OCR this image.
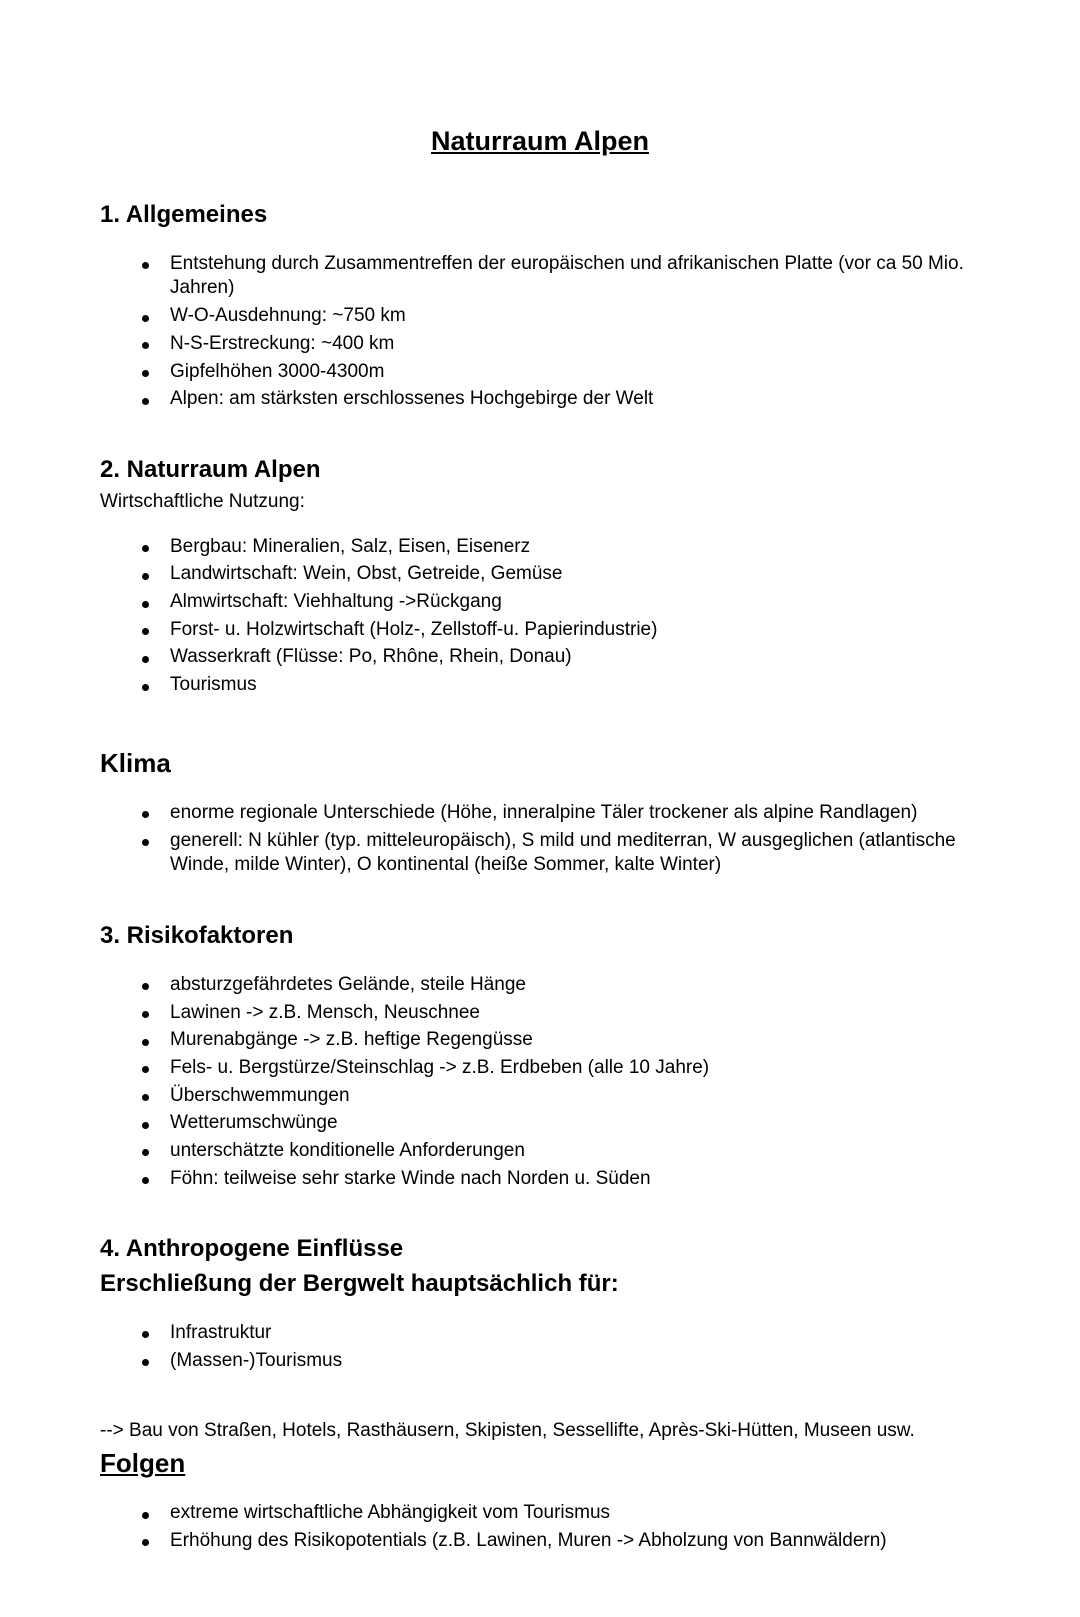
Naturraum Alpen
1. Allgemeines
Entstehung durch Zusammentreffen der europäischen und afrikanischen Platte (vor ca 50 Mio. Jahren)
W-O-Ausdehnung: ~750 km
N-S-Erstreckung: ~400 km
Gipfelhöhen 3000-4300m
Alpen: am stärksten erschlossenes Hochgebirge der Welt
2. Naturraum Alpen

Wirtschaftliche Nutzung:

Bergbau: Mineralien, Salz, Eisen, Eisenerz
Landwirtschaft: Wein, Obst, Getreide, Gemüse
Almwirtschaft: Viehhaltung ->Rückgang
Forst- u. Holzwirtschaft (Holz-, Zellstoff-u. Papierindustrie)
Wasserkraft (Flüsse: Po, Rhône, Rhein, Donau)
Tourismus
Klima
enorme regionale Unterschiede (Höhe, inneralpine Täler trockener als alpine Randlagen)
generell: N kühler (typ. mitteleuropäisch), S mild und mediterran, W ausgeglichen (atlantische Winde, milde Winter), O kontinental (heiße Sommer, kalte Winter)
3. Risikofaktoren
absturzgefährdetes Gelände, steile Hänge
Lawinen -> z.B. Mensch, Neuschnee
Murenabgänge -> z.B. heftige Regengüsse
Fels- u. Bergstürze/Steinschlag -> z.B. Erdbeben (alle 10 Jahre)
Überschwemmungen
Wetterumschwünge
unterschätzte konditionelle Anforderungen
Föhn: teilweise sehr starke Winde nach Norden u. Süden
4. Anthropogene Einflüsse
Erschließung der Bergwelt hauptsächlich für:
Infrastruktur
(Massen-)Tourismus

--> Bau von Straßen, Hotels, Rasthäusern, Skipisten, Sessellifte, Après-Ski-Hütten, Museen usw.

Folgen
extreme wirtschaftliche Abhängigkeit vom Tourismus
Erhöhung des Risikopotentials (z.B. Lawinen, Muren -> Abholzung von Bannwäldern)
